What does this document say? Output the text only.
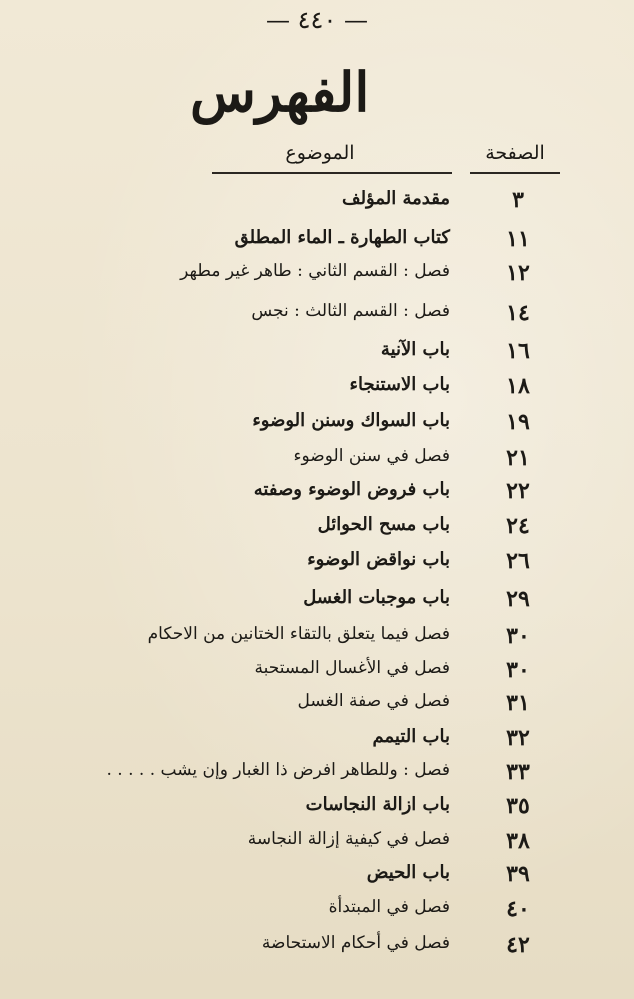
— ٤٤٠ —
الفهرس
الصفحة
الموضوع
٣
مقدمة المؤلف
١١
كتاب الطهارة ـ الماء المطلق
١٢
فصل : القسم الثاني : طاهر غير مطهر
١٤
فصل : القسم الثالث : نجس
١٦
باب الآنية
١٨
باب الاستنجاء
١٩
باب السواك وسنن الوضوء
٢١
فصل في سنن الوضوء
٢٢
باب فروض الوضوء وصفته
٢٤
باب مسح الحوائل
٢٦
باب نواقض الوضوء
٢٩
باب موجبات الغسل
٣٠
فصل فيما يتعلق بالتقاء الختانين من الاحكام
٣٠
فصل في الأغسال المستحبة
٣١
فصل في صفة الغسل
٣٢
باب التيمم
٣٣
فصل : وللطاهر افرض ذا الغبار وإن يشب . . . . .
٣٥
باب ازالة النجاسات
٣٨
فصل في كيفية إزالة النجاسة
٣٩
باب الحيض
٤٠
فصل في المبتدأة
٤٢
فصل في أحكام الاستحاضة
